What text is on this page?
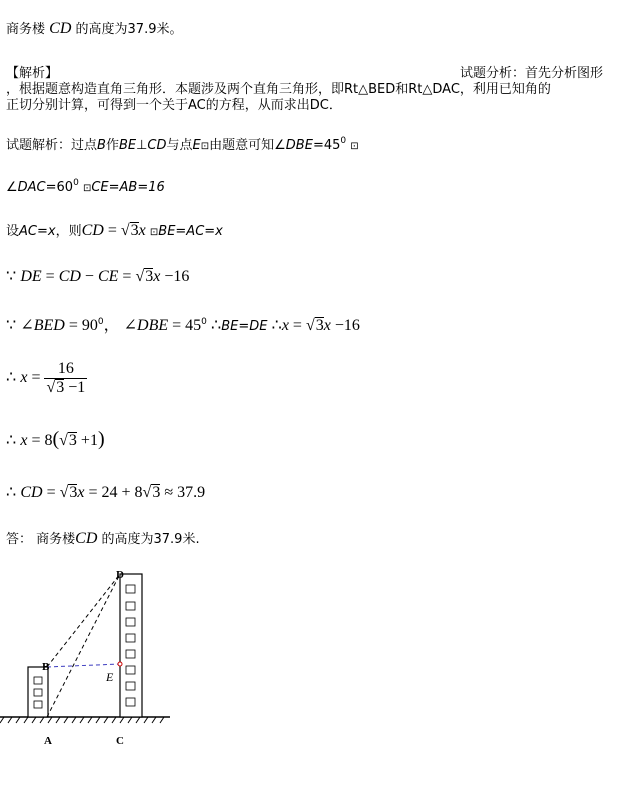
商务楼 CD 的高度为37.9米。
【解析】	试题分析：首先分析图形
，根据题意构造直角三角形．本题涉及两个直角三角形，即Rt△BED和Rt△DAC，利用已知角的
正切分别计算，可得到一个关于AC的方程，从而求出DC．
试题解析：过点B作BE⊥CD与点E⊡由题意可知$\angle DBE=45^0$ ⊡
$\angle DAC=60^0$ ⊡CE=AB=16
设AC=x，则CD = √3x ⊡BE=AC=x
∵ DE = CD − CE = √3x −16
∵ ∠BED = $90^0$， ∠DBE = $45^0$ ∴BE=DE ∴x = √3x −16
∴ $x = \frac{16}{√3 -1}$
∴ x = 8(√3 +1)
∴ CD = √3x = 24 + 8√3 ≈ 37.9
答： 商务楼CD 的高度为37.9米.
D
B
E
A	C
